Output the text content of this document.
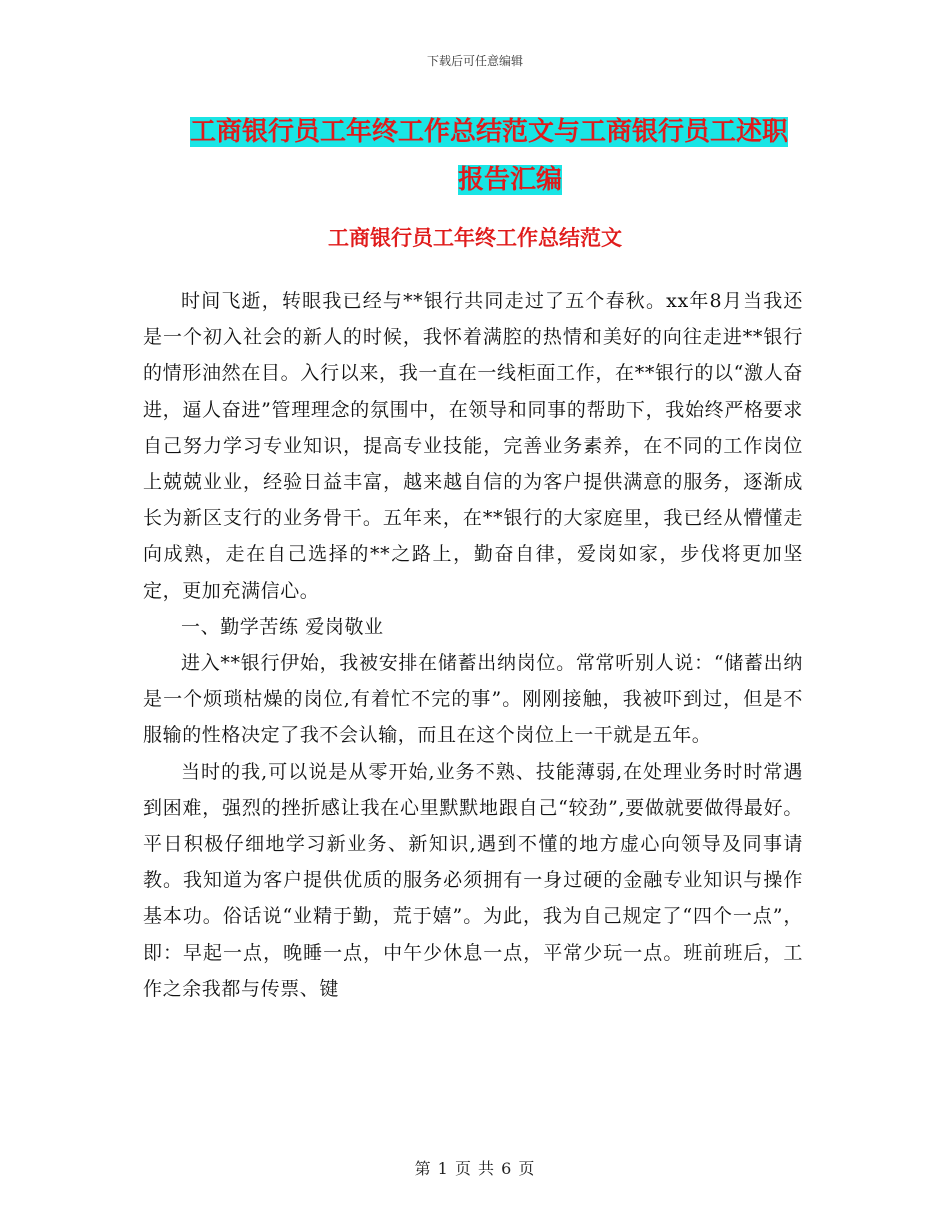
下载后可任意编辑
工商银行员工年终工作总结范文与工商银行员工述职
报告汇编
工商银行员工年终工作总结范文

时间飞逝，转眼我已经与**银行共同走过了五个春秋。xx年8月当我还是一个初入社会的新人的时候，我怀着满腔的热情和美好的向往走进**银行的情形油然在目。入行以来，我一直在一线柜面工作，在**银行的以“激人奋进，逼人奋进”管理理念的氛围中，在领导和同事的帮助下，我始终严格要求自己努力学习专业知识，提高专业技能，完善业务素养，在不同的工作岗位上兢兢业业，经验日益丰富，越来越自信的为客户提供满意的服务，逐渐成长为新区支行的业务骨干。五年来，在**银行的大家庭里，我已经从懵懂走向成熟，走在自己选择的**之路上，勤奋自律，爱岗如家，步伐将更加坚定，更加充满信心。

一、勤学苦练 爱岗敬业

进入**银行伊始，我被安排在储蓄出纳岗位。常常听别人说：“储蓄出纳是一个烦琐枯燥的岗位,有着忙不完的事”。刚刚接触，我被吓到过，但是不服输的性格决定了我不会认输，而且在这个岗位上一干就是五年。

当时的我,可以说是从零开始,业务不熟、技能薄弱,在处理业务时时常遇到困难，强烈的挫折感让我在心里默默地跟自己“较劲”,要做就要做得最好。平日积极仔细地学习新业务、新知识,遇到不懂的地方虚心向领导及同事请教。我知道为客户提供优质的服务必须拥有一身过硬的金融专业知识与操作基本功。俗话说“业精于勤，荒于嬉”。为此，我为自己规定了“四个一点”，即：早起一点，晚睡一点，中午少休息一点，平常少玩一点。班前班后，工作之余我都与传票、键

第 1 页 共 6 页
